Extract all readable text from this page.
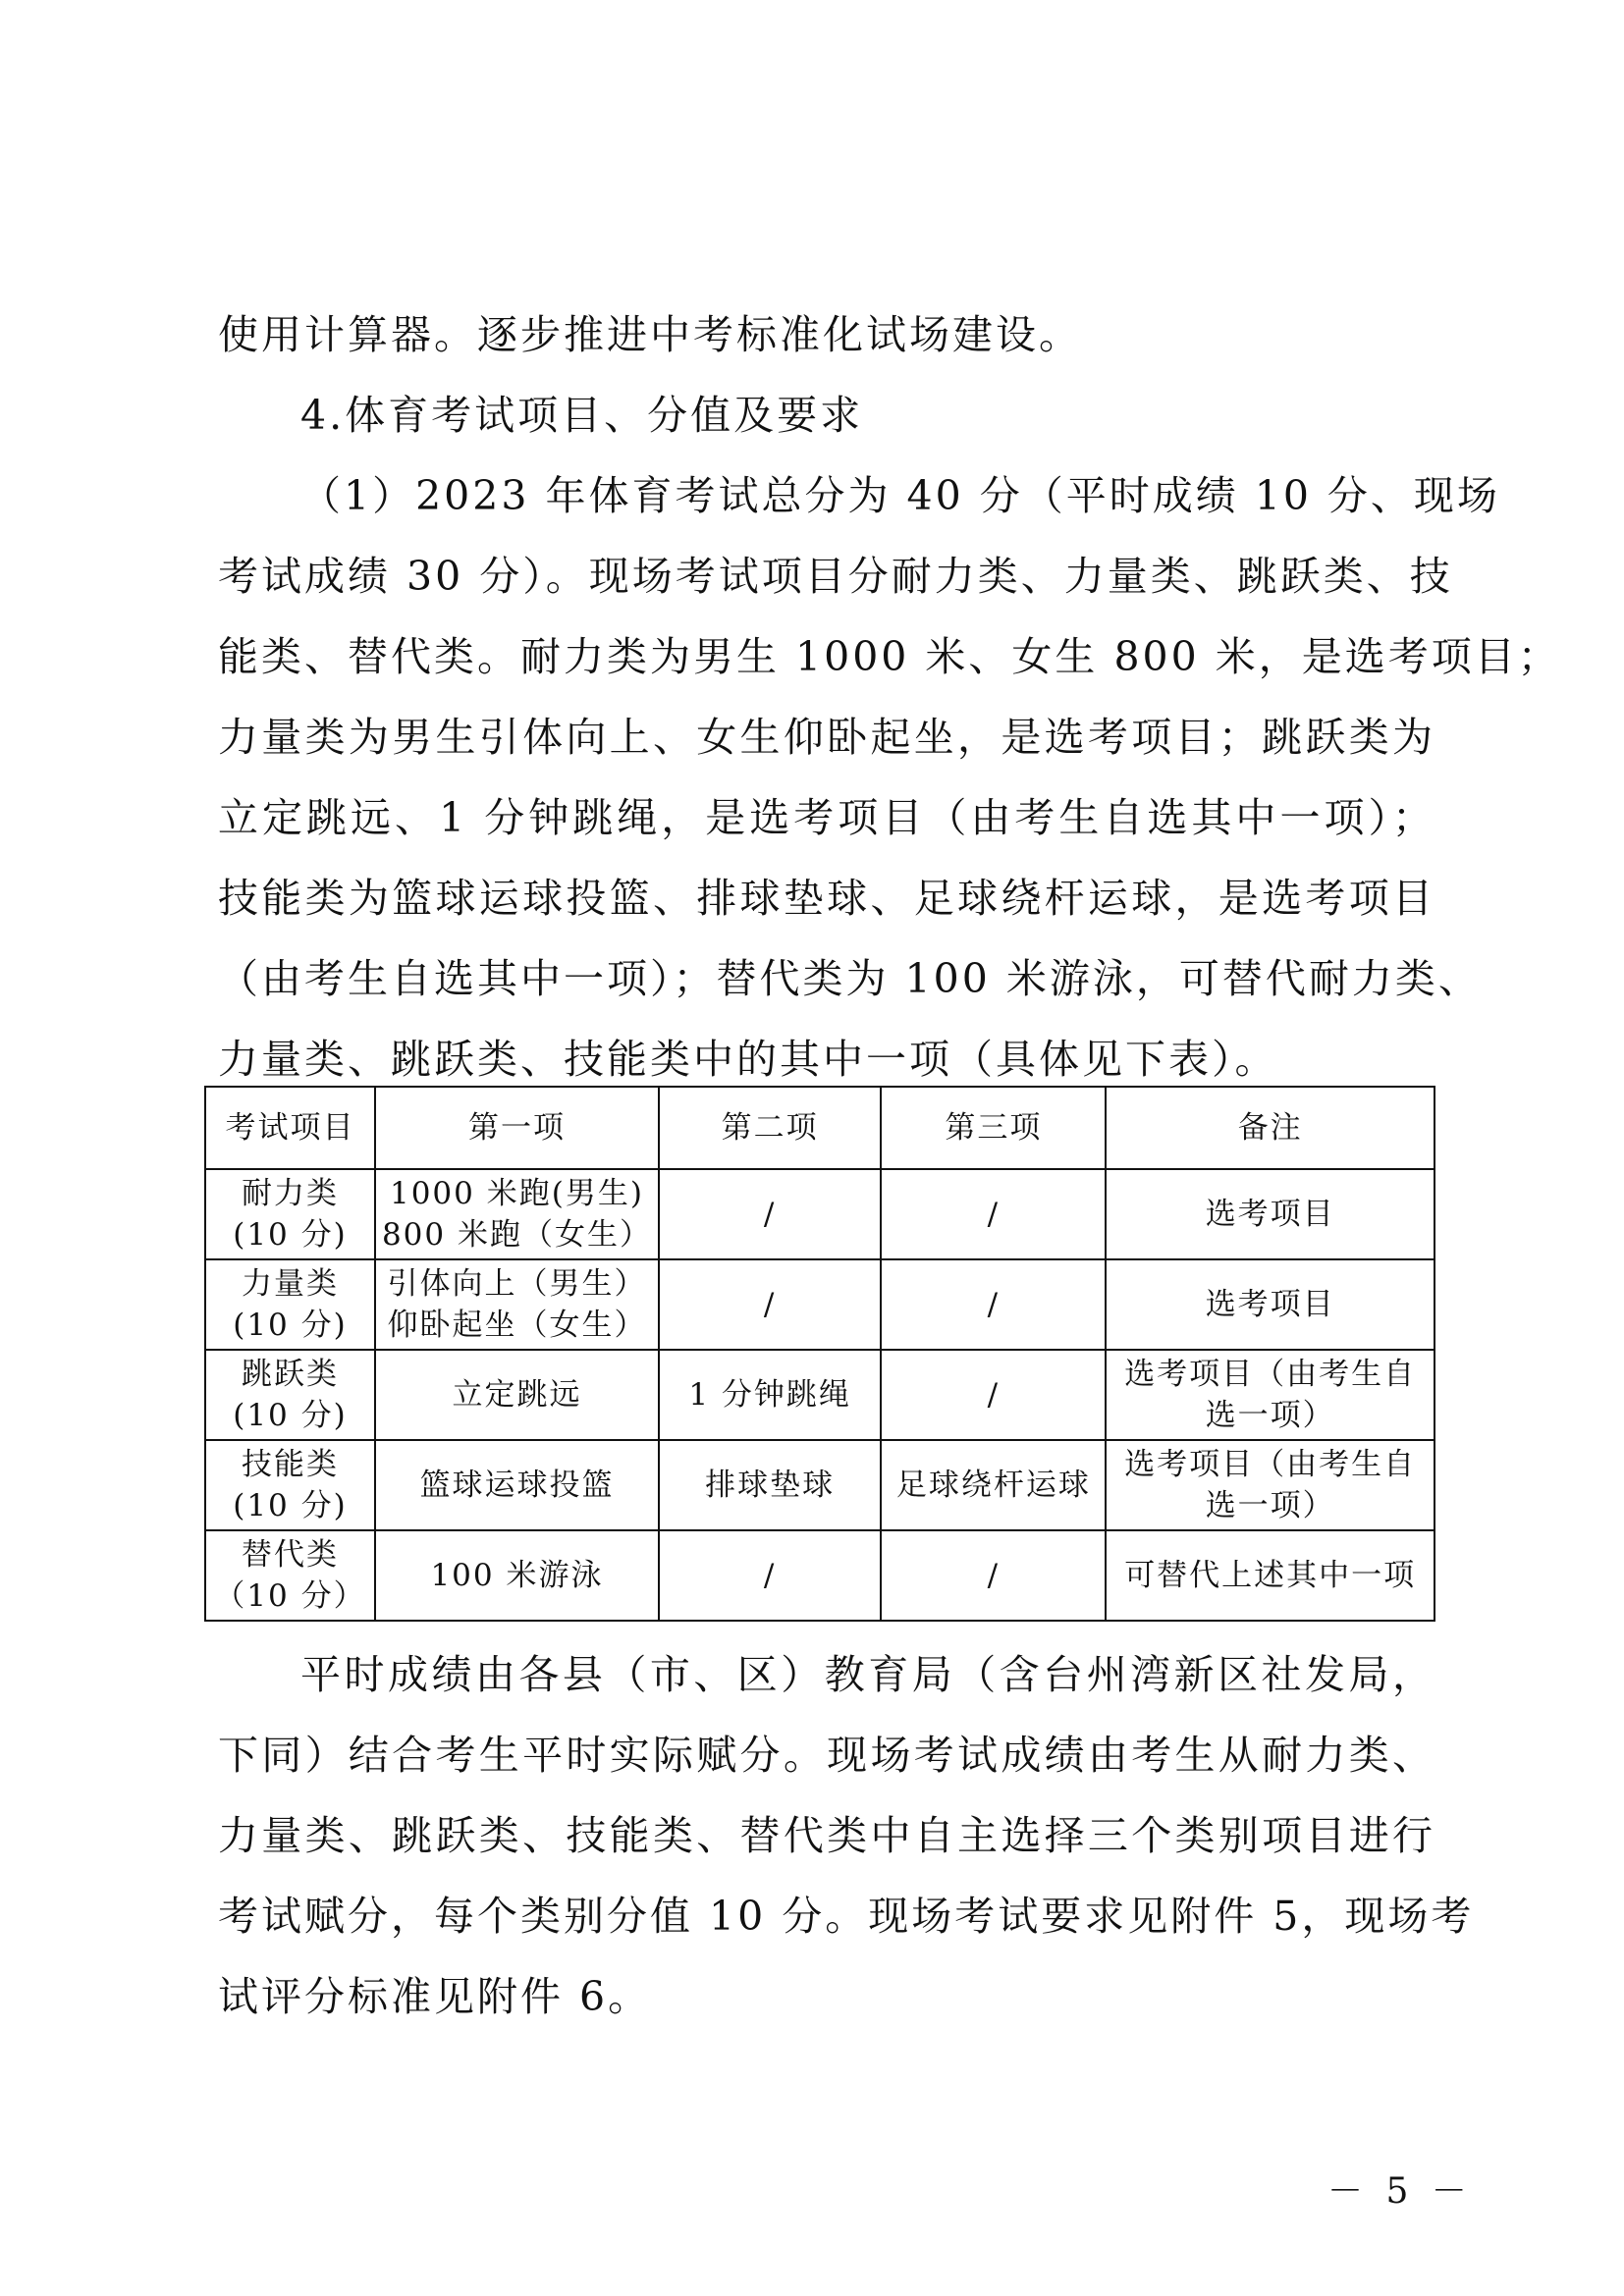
使用计算器。逐步推进中考标准化试场建设。

4.体育考试项目、分值及要求

（1）2023 年体育考试总分为 40 分（平时成绩 10 分、现场
考试成绩 30 分）。现场考试项目分耐力类、力量类、跳跃类、技
能类、替代类。耐力类为男生 1000 米、女生 800 米，是选考项目；
力量类为男生引体向上、女生仰卧起坐，是选考项目；跳跃类为
立定跳远、1 分钟跳绳，是选考项目（由考生自选其中一项）；
技能类为篮球运球投篮、排球垫球、足球绕杆运球，是选考项目
（由考生自选其中一项）；替代类为 100 米游泳，可替代耐力类、
力量类、跳跃类、技能类中的其中一项（具体见下表）。
考试项目	第一项	第二项	第三项	备注

耐力类
(10 分)	1000 米跑(男生)
800 米跑（女生）	/	/	选考项目

力量类
(10 分)	引体向上（男生）
仰卧起坐（女生）	/	/	选考项目

跳跃类
(10 分)	立定跳远	1 分钟跳绳	/	选考项目（由考生自
选一项）

技能类
(10 分)	篮球运球投篮	排球垫球	足球绕杆运球	选考项目（由考生自
选一项）

替代类
（10 分）	100 米游泳	/	/	可替代上述其中一项
平时成绩由各县（市、区）教育局（含台州湾新区社发局，
下同）结合考生平时实际赋分。现场考试成绩由考生从耐力类、
力量类、跳跃类、技能类、替代类中自主选择三个类别项目进行
考试赋分，每个类别分值 10 分。现场考试要求见附件 5，现场考
试评分标准见附件 6。
－ 5 －
